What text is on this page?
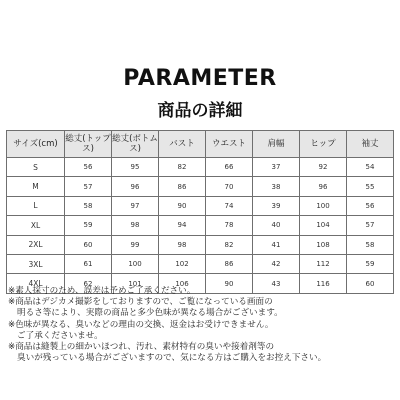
PARAMETER
商品の詳細
サイズ(cm)	総丈(トップス)	総丈(ボトムス)	バスト	ウエスト	肩幅	ヒップ	袖丈
S	56	95	82	66	37	92	54
M	57	96	86	70	38	96	55
L	58	97	90	74	39	100	56
XL	59	98	94	78	40	104	57
2XL	60	99	98	82	41	108	58
3XL	61	100	102	86	42	112	59
4XL	62	101	106	90	43	116	60
※素人採寸のため、誤差は予めご了承ください。
※商品はデジカメ撮影をしておりますので、ご覧になっている画面の
明るさ等により、実際の商品と多少色味が異なる場合がございます。
※色味が異なる、臭いなどの理由の交換、返金はお受けできません。
ご了承くださいませ。
※商品は縫製上の細かいほつれ、汚れ、素材特有の臭いや接着剤等の
臭いが残っている場合がございますので、気になる方はご購入をお控え下さい。
